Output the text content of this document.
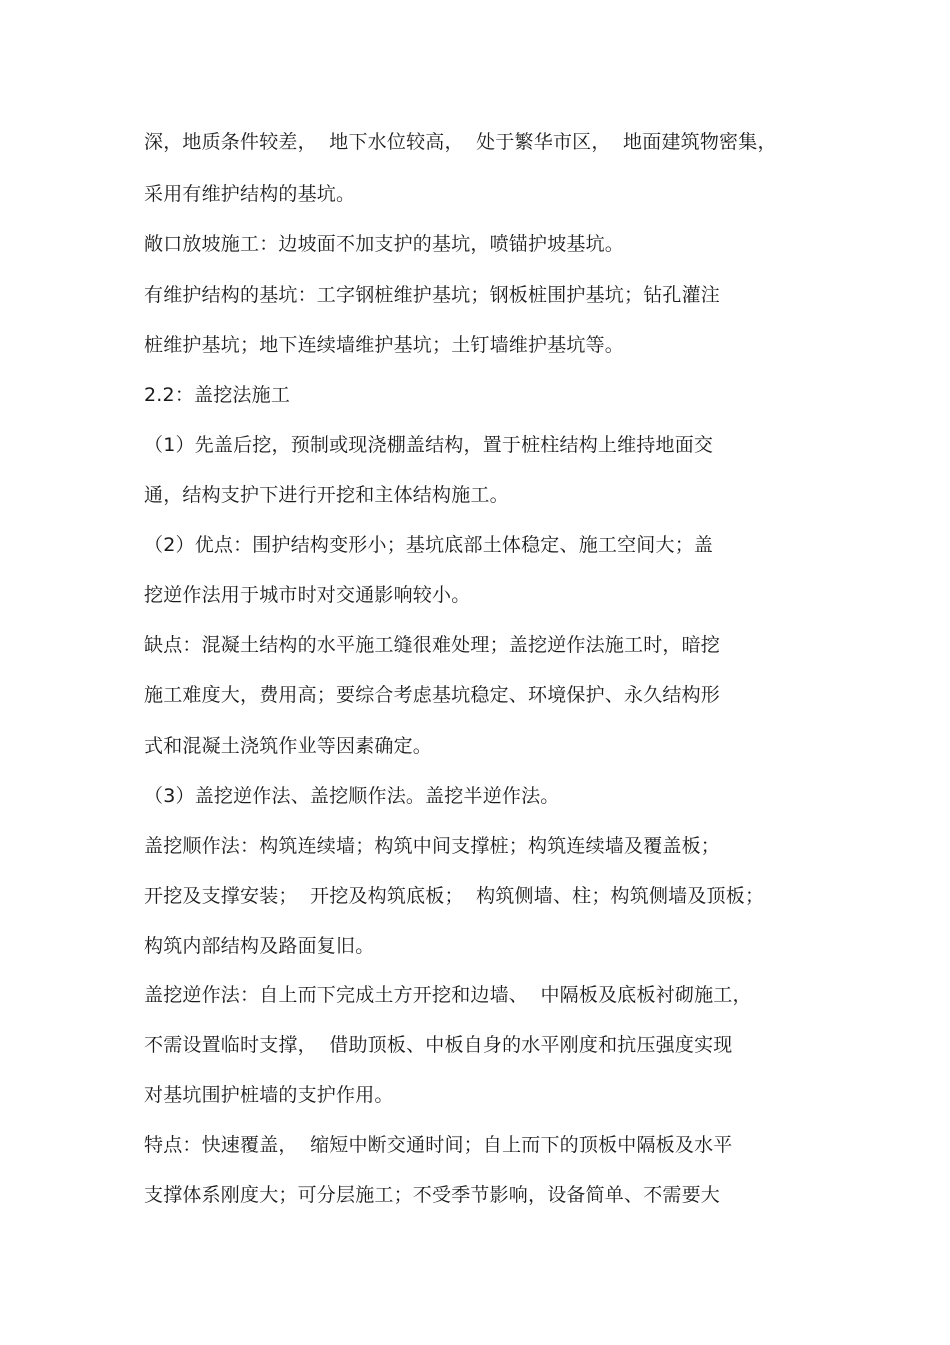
深，地质条件较差，  地下水位较高，  处于繁华市区，  地面建筑物密集，
采用有维护结构的基坑。
敞口放坡施工：边坡面不加支护的基坑，喷锚护坡基坑。
有维护结构的基坑：工字钢桩维护基坑；钢板桩围护基坑；钻孔灌注
桩维护基坑；地下连续墙维护基坑；土钉墙维护基坑等。
2.2：盖挖法施工
（1）先盖后挖，预制或现浇棚盖结构，置于桩柱结构上维持地面交
通，结构支护下进行开挖和主体结构施工。
（2）优点：围护结构变形小；基坑底部土体稳定、施工空间大；盖
挖逆作法用于城市时对交通影响较小。
缺点：混凝土结构的水平施工缝很难处理；盖挖逆作法施工时，暗挖
施工难度大，费用高；要综合考虑基坑稳定、环境保护、永久结构形
式和混凝土浇筑作业等因素确定。
（3）盖挖逆作法、盖挖顺作法。盖挖半逆作法。
盖挖顺作法：构筑连续墙；构筑中间支撑桩；构筑连续墙及覆盖板；
开挖及支撑安装；  开挖及构筑底板；  构筑侧墙、柱；构筑侧墙及顶板；
构筑内部结构及路面复旧。
盖挖逆作法：自上而下完成土方开挖和边墙、  中隔板及底板衬砌施工，
不需设置临时支撑，  借助顶板、中板自身的水平刚度和抗压强度实现
对基坑围护桩墙的支护作用。
特点：快速覆盖，  缩短中断交通时间；自上而下的顶板中隔板及水平
支撑体系刚度大；可分层施工；不受季节影响，设备简单、不需要大
